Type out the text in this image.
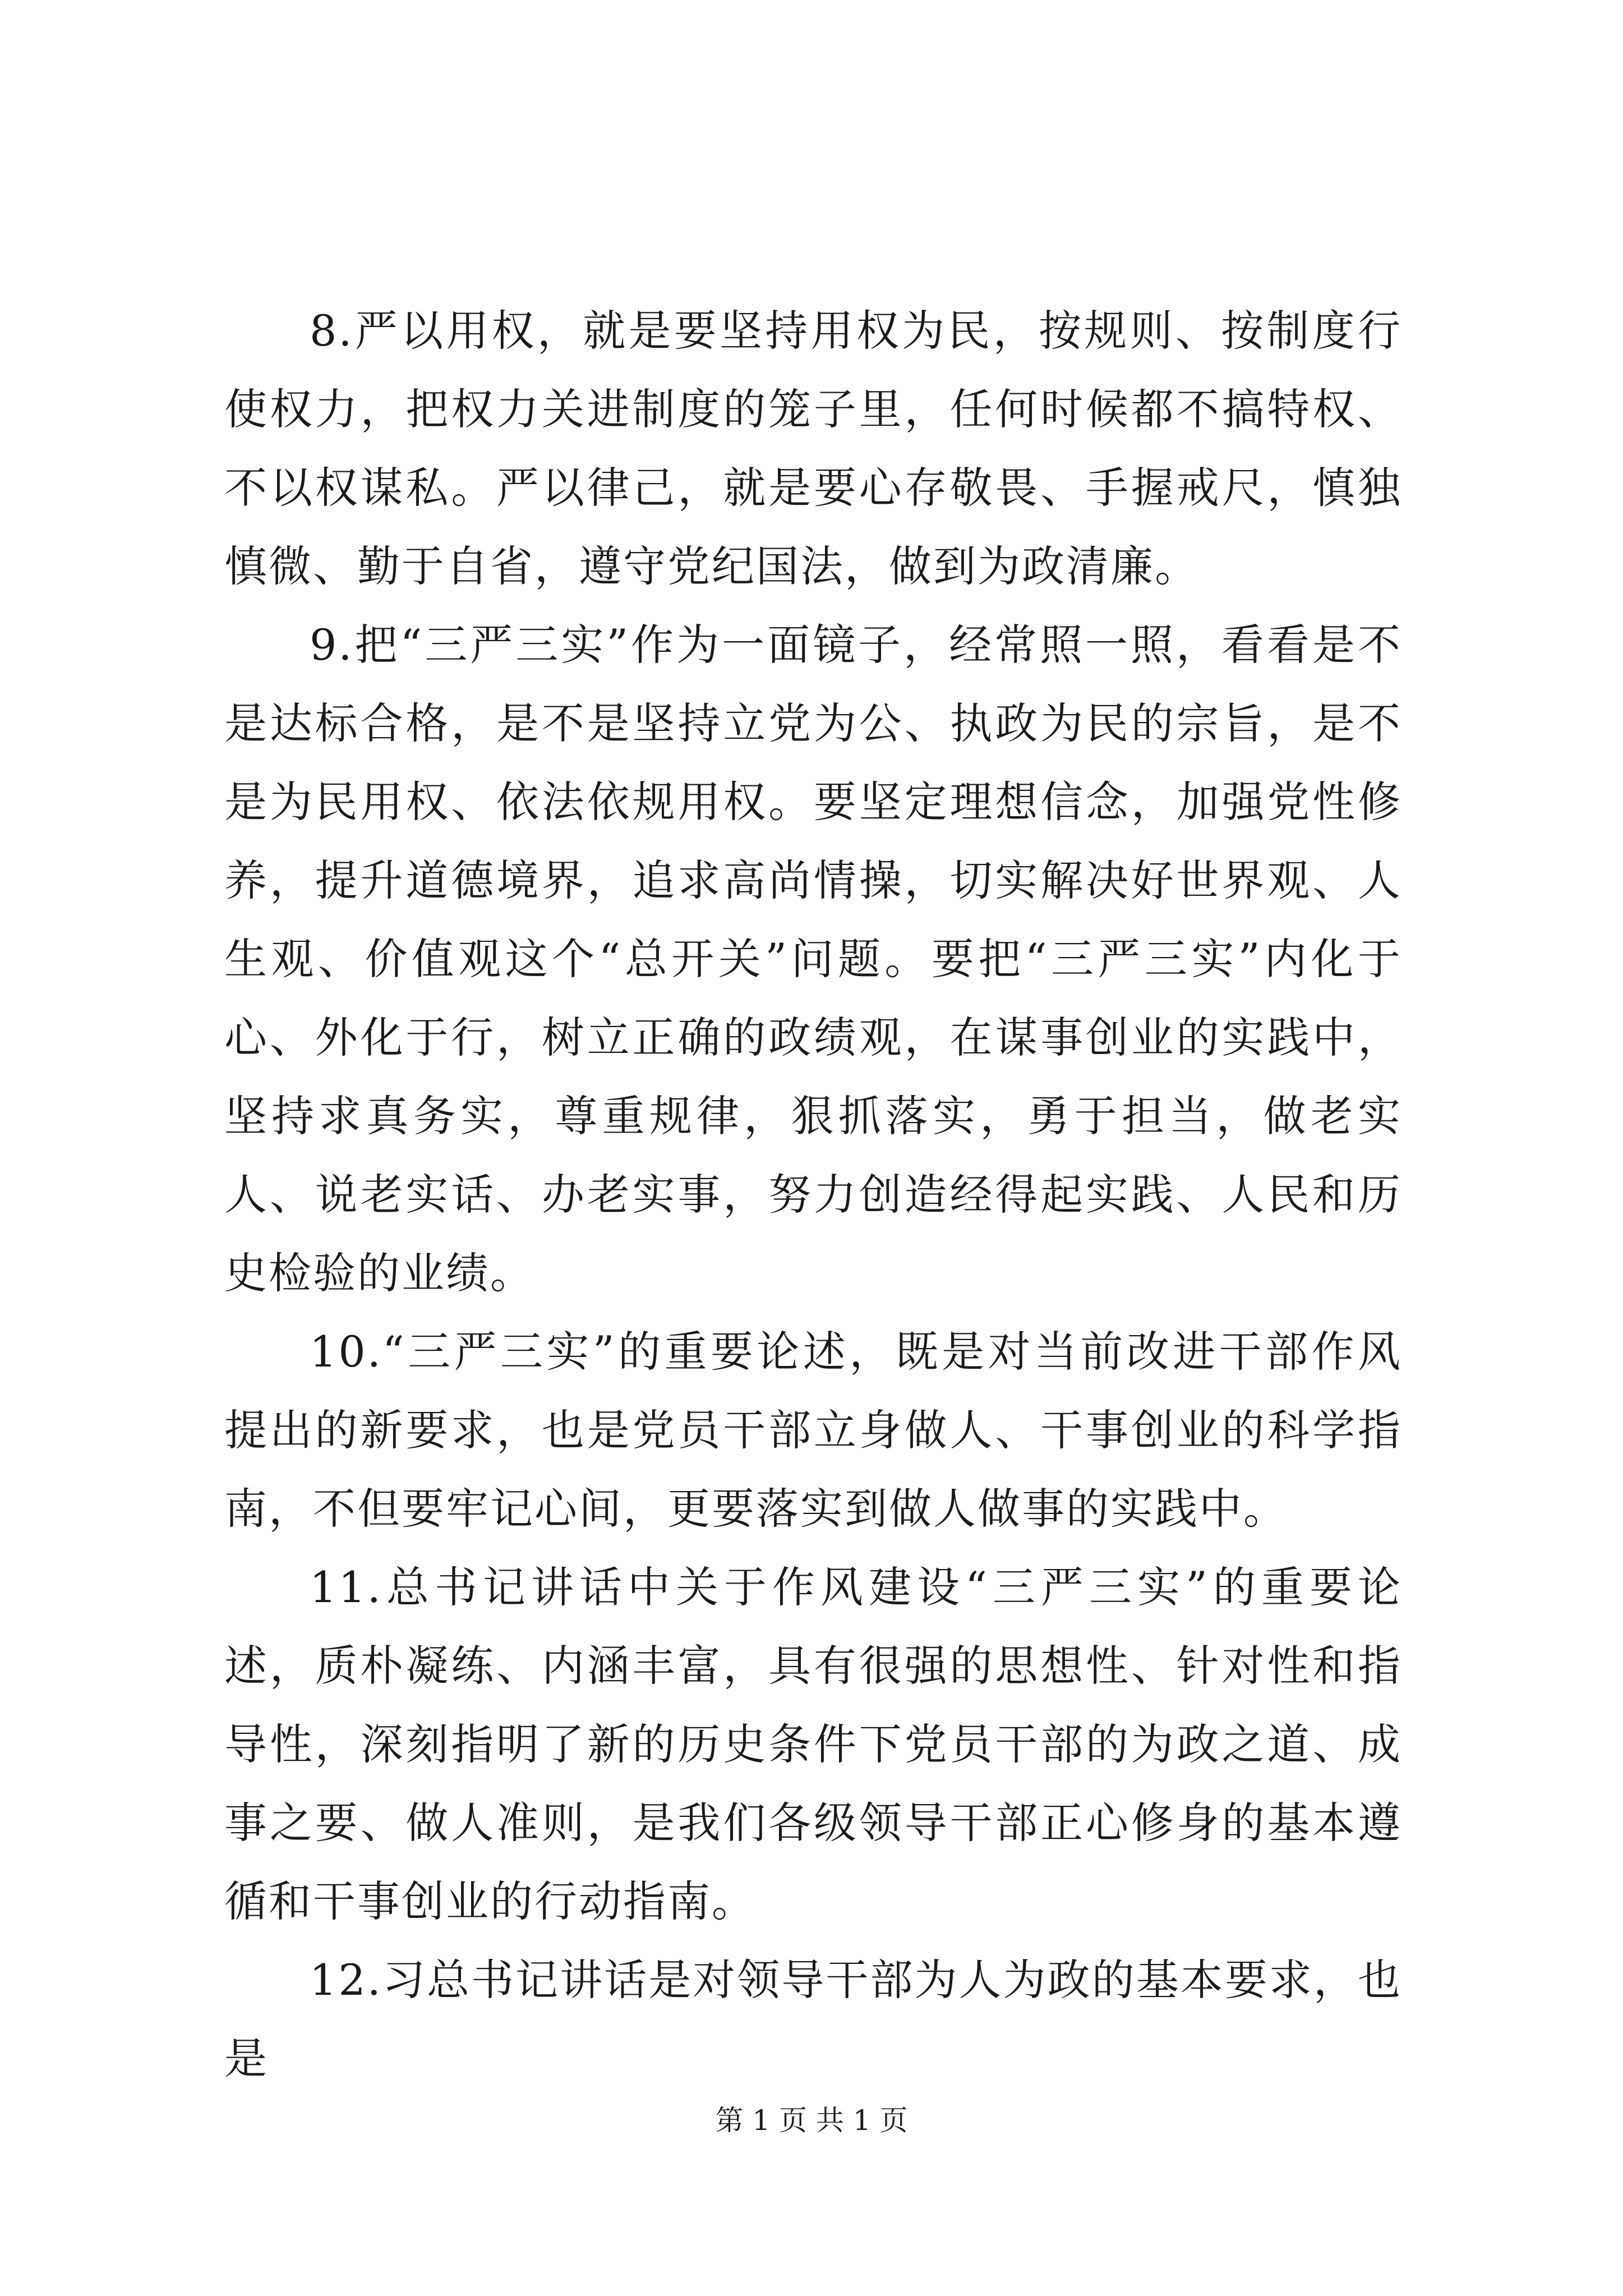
8.严以用权，就是要坚持用权为民，按规则、按制度行使权力，把权力关进制度的笼子里，任何时候都不搞特权、不以权谋私。严以律己，就是要心存敬畏、手握戒尺，慎独慎微、勤于自省，遵守党纪国法，做到为政清廉。

9.把“三严三实”作为一面镜子，经常照一照，看看是不是达标合格，是不是坚持立党为公、执政为民的宗旨，是不是为民用权、依法依规用权。要坚定理想信念，加强党性修养，提升道德境界，追求高尚情操，切实解决好世界观、人生观、价值观这个“总开关”问题。要把“三严三实”内化于心、外化于行，树立正确的政绩观，在谋事创业的实践中，坚持求真务实，尊重规律，狠抓落实，勇于担当，做老实人、说老实话、办老实事，努力创造经得起实践、人民和历史检验的业绩。

10.“三严三实”的重要论述，既是对当前改进干部作风提出的新要求，也是党员干部立身做人、干事创业的科学指南，不但要牢记心间，更要落实到做人做事的实践中。

11.总书记讲话中关于作风建设“三严三实”的重要论述，质朴凝练、内涵丰富，具有很强的思想性、针对性和指导性，深刻指明了新的历史条件下党员干部的为政之道、成事之要、做人准则，是我们各级领导干部正心修身的基本遵循和干事创业的行动指南。

12.习总书记讲话是对领导干部为人为政的基本要求，也是

第 1 页 共 1 页
